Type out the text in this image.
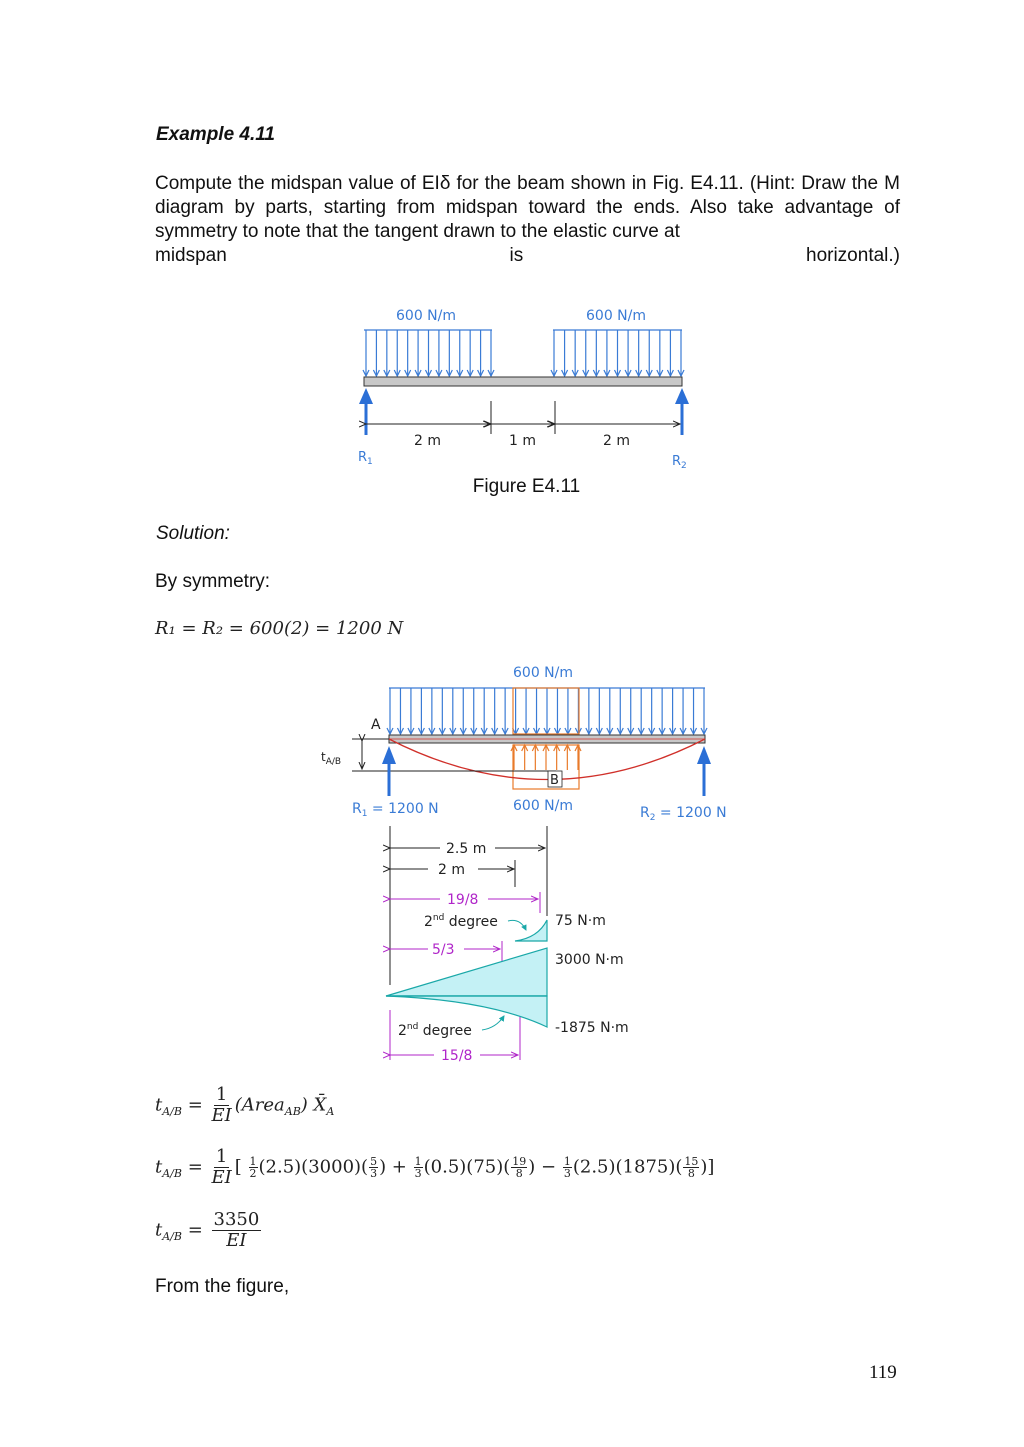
Example 4.11
Compute the midspan value of EIδ for the beam shown in Fig. E4.11. (Hint: Draw the M diagram by parts, starting from midspan toward the ends. Also take advantage of symmetry to note that the tangent drawn to the elastic curve at
midspan	is	horizontal.)
600 N/m	600 N/m
2 m	1 m	2 m
$R_1$	$R_2$
Figure E4.11
Solution:
By symmetry:
R₁ = R₂ = 600(2) = 1200 N
600 N/m
$t_{A/B}$
A
B
600 N/m
$R_1 = 1200$ N	$R_2 = 1200$ N
2.5 m
2 m
19/8
5/3
15/8
2nd degree
2nd degree
75 N·m
3000 N·m
-1875 N·m
$t_{A/B} = \frac{1}{EI}$ (Area$_{AB}$) $X̄_A$
$t_{A/B} = \frac{1}{EI}$ [ $\frac{1}{2} (2.5)(3000)( \frac{5}{3}$ ) + $\frac{1}{3} (0.5)(75)( \frac{19}{8}$ ) − $\frac{1}{3} (2.5)(1875)( \frac{15}{8}$ )]
$t_{A/B} = \frac{3350}{EI}$
From the figure,
119
